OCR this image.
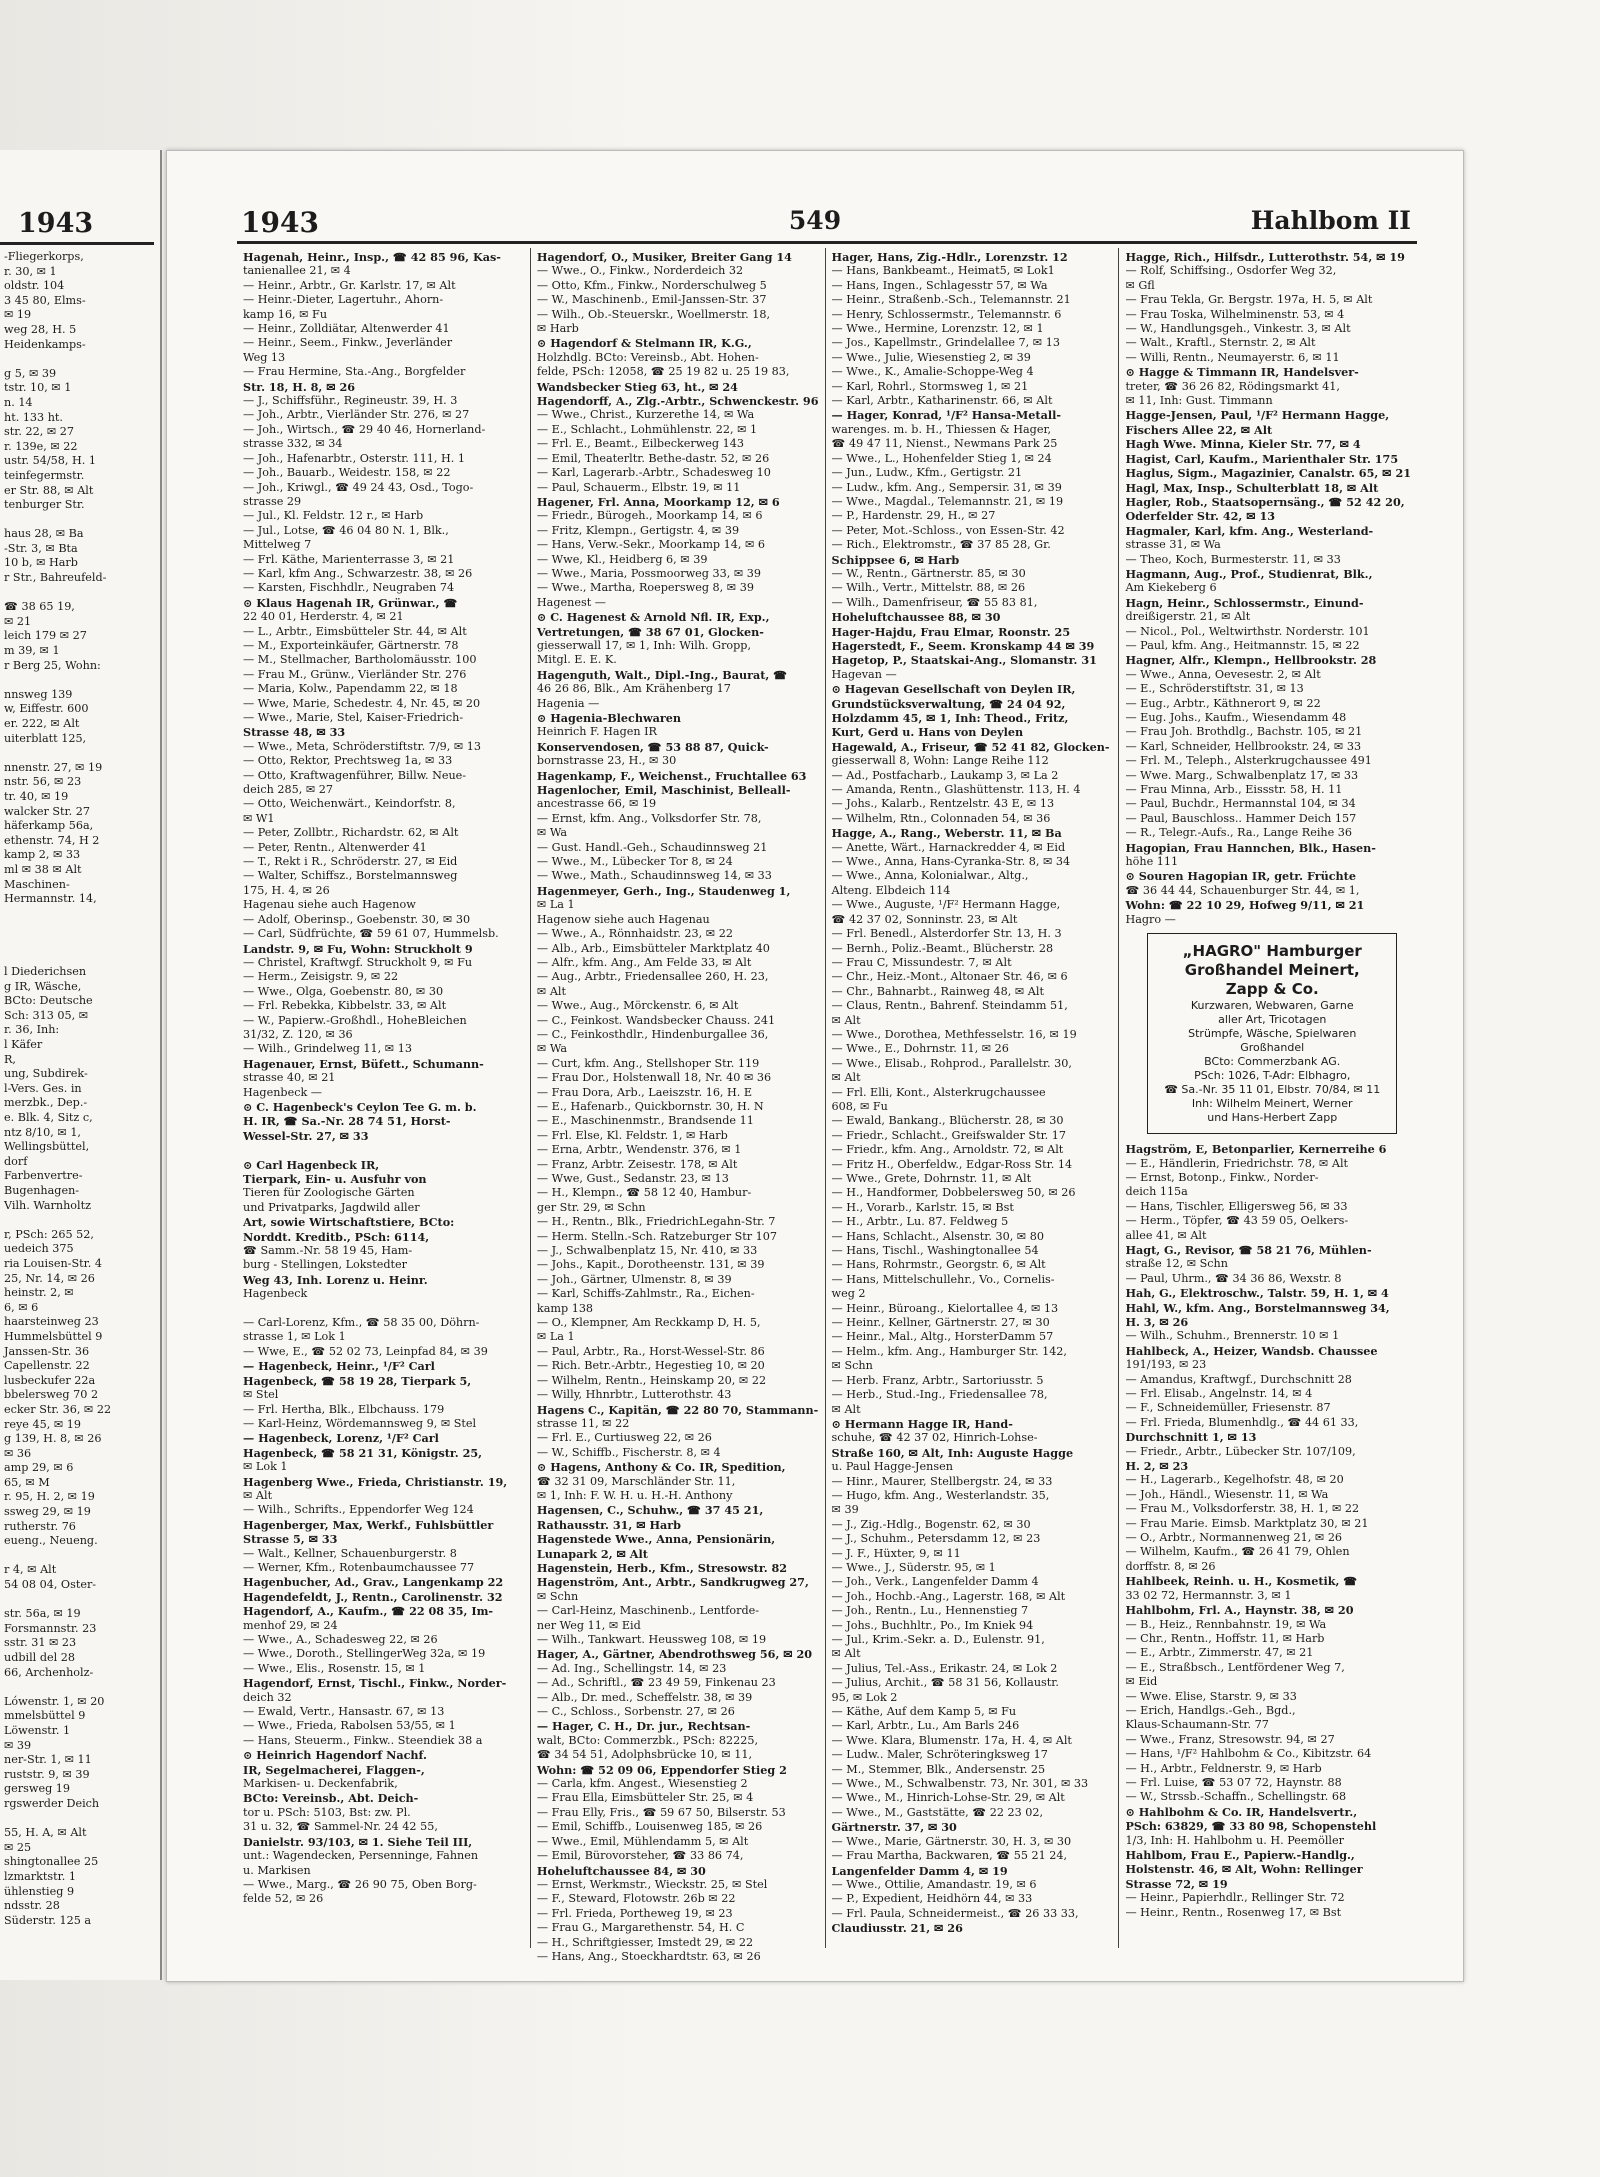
1943
-Fliegerkorps,
r. 30, ✉ 1
oldstr. 104
3 45 80, Elms-
✉ 19
weg 28, H. 5
Heidenkamps-

g 5, ✉ 39
tstr. 10, ✉ 1
n. 14
ht. 133 ht.
str. 22, ✉ 27
r. 139e, ✉ 22
ustr. 54/58, H. 1
teinfegermstr.
er Str. 88, ✉ Alt
tenburger Str.

haus 28, ✉ Ba
-Str. 3, ✉ Bta
10 b, ✉ Harb
r Str., Bahreufeld-

☎ 38 65 19,
✉ 21
leich 179 ✉ 27
m 39, ✉ 1
r Berg 25, Wohn:

nnsweg 139
w, Eiffestr. 600
er. 222, ✉ Alt
uiterblatt 125,

nnenstr. 27, ✉ 19
nstr. 56, ✉ 23
tr. 40, ✉ 19
walcker Str. 27
häferkamp 56a,
ethenstr. 74, H 2
kamp 2, ✉ 33
ml ✉ 38 ✉ Alt
Maschinen-
Hermannstr. 14,

l Diederichsen
g IR, Wäsche,
BCto: Deutsche
Sch: 313 05, ✉
r. 36, Inh:
l Käfer
R,
ung, Subdirek-
l-Vers. Ges. in
merzbk., Dep.-
e. Blk. 4, Sitz c,
ntz 8/10, ✉ 1,
Wellingsbüttel,
dorf
Farbenvertre-
Bugenhagen-
Vilh. Warnholtz

r, PSch: 265 52,
uedeich 375
ria Louisen-Str. 4
25, Nr. 14, ✉ 26
heinstr. 2, ✉
6, ✉ 6
haarsteinweg 23
Hummelsbüttel 9
Janssen-Str. 36
Capellenstr. 22
lusbeckufer 22a
bbelersweg 70 2
ecker Str. 36, ✉ 22
reye 45, ✉ 19
g 139, H. 8, ✉ 26
✉ 36
amp 29, ✉ 6
65, ✉ M
r. 95, H. 2, ✉ 19
ssweg 29, ✉ 19
rutherstr. 76
eueng., Neueng.

r 4, ✉ Alt
54 08 04, Oster-

str. 56a, ✉ 19
Forsmannstr. 23
sstr. 31 ✉ 23
udbill del 28
66, Archenholz-

Lówenstr. 1, ✉ 20
mmelsbüttel 9
Löwenstr. 1
✉ 39
ner-Str. 1, ✉ 11
ruststr. 9, ✉ 39
gersweg 19
rgswerder Deich

55, H. A, ✉ Alt
✉ 25
shingtonallee 25
lzmarktstr. 1
ühlenstieg 9
ndsstr. 28
Süderstr. 125 a
1943	549	Hahlbom II
Hagenah, Heinr., Insp., ☎ 42 85 96, Kas-
tanienallee 21, ✉ 4
— Heinr., Arbtr., Gr. Karlstr. 17, ✉ Alt
— Heinr.-Dieter, Lagertuhr., Ahorn-
kamp 16, ✉ Fu
— Heinr., Zolldiätar, Altenwerder 41
— Heinr., Seem., Finkw., Jeverländer
Weg 13
— Frau Hermine, Sta.-Ang., Borgfelder
Str. 18, H. 8, ✉ 26
— J., Schiffsführ., Regineustr. 39, H. 3
— Joh., Arbtr., Vierländer Str. 276, ✉ 27
— Joh., Wirtsch., ☎ 29 40 46, Hornerland-
strasse 332, ✉ 34
— Joh., Hafenarbtr., Osterstr. 111, H. 1
— Joh., Bauarb., Weidestr. 158, ✉ 22
— Joh., Kriwgl., ☎ 49 24 43, Osd., Togo-
strasse 29
— Jul., Kl. Feldstr. 12 r., ✉ Harb
— Jul., Lotse, ☎ 46 04 80 N. 1, Blk.,
Mittelweg 7
— Frl. Käthe, Marienterrasse 3, ✉ 21
— Karl, kfm Ang., Schwarzestr. 38, ✉ 26
— Karsten, Fischhdlr., Neugraben 74
⊙ Klaus Hagenah IR, Grünwar., ☎
22 40 01, Herderstr. 4, ✉ 21
— L., Arbtr., Eimsbütteler Str. 44, ✉ Alt
— M., Exporteinkäufer, Gärtnerstr. 78
— M., Stellmacher, Bartholomäusstr. 100
— Frau M., Grünw., Vierländer Str. 276
— Maria, Kolw., Papendamm 22, ✉ 18
— Wwe, Marie, Schedestr. 4, Nr. 45, ✉ 20
— Wwe., Marie, Stel, Kaiser-Friedrich-
Strasse 48, ✉ 33
— Wwe., Meta, Schröderstiftstr. 7/9, ✉ 13
— Otto, Rektor, Prechtsweg 1a, ✉ 33
— Otto, Kraftwagenführer, Billw. Neue-
deich 285, ✉ 27
— Otto, Weichenwärt., Keindorfstr. 8,
✉ W1
— Peter, Zollbtr., Richardstr. 62, ✉ Alt
— Peter, Rentn., Altenwerder 41
— T., Rekt i R., Schröderstr. 27, ✉ Eid
— Walter, Schiffsz., Borstelmannsweg
175, H. 4, ✉ 26
Hagenau siehe auch Hagenow
— Adolf, Oberinsp., Goebenstr. 30, ✉ 30
— Carl, Südfrüchte, ☎ 59 61 07, Hummelsb.
Landstr. 9, ✉ Fu, Wohn: Struckholt 9
— Christel, Kraftwgf. Struckholt 9, ✉ Fu
— Herm., Zeisigstr. 9, ✉ 22
— Wwe., Olga, Goebenstr. 80, ✉ 30
— Frl. Rebekka, Kibbelstr. 33, ✉ Alt
— W., Papierw.-Großhdl., HoheBleichen
31/32, Z. 120, ✉ 36
— Wilh., Grindelweg 11, ✉ 13
Hagenauer, Ernst, Büfett., Schumann-
strasse 40, ✉ 21
Hagenbeck —
⊙ C. Hagenbeck's Ceylon Tee G. m. b.
H. IR, ☎ Sa.-Nr. 28 74 51, Horst-
Wessel-Str. 27, ✉ 33

⊙ Carl Hagenbeck IR,
Tierpark, Ein- u. Ausfuhr von
Tieren für Zoologische Gärten
und Privatparks, Jagdwild aller
Art, sowie Wirtschaftstiere, BCto:
Norddt. Kreditb., PSch: 6114,
☎ Samm.-Nr. 58 19 45, Ham-
burg - Stellingen, Lokstedter
Weg 43, Inh. Lorenz u. Heinr.
Hagenbeck

— Carl-Lorenz, Kfm., ☎ 58 35 00, Döhrn-
strasse 1, ✉ Lok 1
— Wwe, E., ☎ 52 02 73, Leinpfad 84, ✉ 39
— Hagenbeck, Heinr., ¹/F² Carl
Hagenbeck, ☎ 58 19 28, Tierpark 5,
✉ Stel
— Frl. Hertha, Blk., Elbchauss. 179
— Karl-Heinz, Wördemannsweg 9, ✉ Stel
— Hagenbeck, Lorenz, ¹/F² Carl
Hagenbeck, ☎ 58 21 31, Königstr. 25,
✉ Lok 1
Hagenberg Wwe., Frieda, Christianstr. 19,
✉ Alt
— Wilh., Schrifts., Eppendorfer Weg 124
Hagenberger, Max, Werkf., Fuhlsbüttler
Strasse 5, ✉ 33
— Walt., Kellner, Schauenburgerstr. 8
— Werner, Kfm., Rotenbaumchaussee 77
Hagenbucher, Ad., Grav., Langenkamp 22
Hagendefeldt, J., Rentn., Carolinenstr. 32
Hagendorf, A., Kaufm., ☎ 22 08 35, Im-
menhof 29, ✉ 24
— Wwe., A., Schadesweg 22, ✉ 26
— Wwe., Doroth., StellingerWeg 32a, ✉ 19
— Wwe., Elis., Rosenstr. 15, ✉ 1
Hagendorf, Ernst, Tischl., Finkw., Norder-
deich 32
— Ewald, Vertr., Hansastr. 67, ✉ 13
— Wwe., Frieda, Rabolsen 53/55, ✉ 1
— Hans, Steuerm., Finkw.. Steendiek 38 a
⊙ Heinrich Hagendorf Nachf.
IR, Segelmacherei, Flaggen-,
Markisen- u. Deckenfabrik,
BCto: Vereinsb., Abt. Deich-
tor u. PSch: 5103, Bst: zw. Pl.
31 u. 32, ☎ Sammel-Nr. 24 42 55,
Danielstr. 93/103, ✉ 1. Siehe Teil III,
unt.: Wagendecken, Persenninge, Fahnen
u. Markisen
— Wwe., Marg., ☎ 26 90 75, Oben Borg-
felde 52, ✉ 26
Hagendorf, O., Musiker, Breiter Gang 14
— Wwe., O., Finkw., Norderdeich 32
— Otto, Kfm., Finkw., Norderschulweg 5
— W., Maschinenb., Emil-Janssen-Str. 37
— Wilh., Ob.-Steuerskr., Woellmerstr. 18,
✉ Harb
⊙ Hagendorf & Stelmann IR, K.G.,
Holzhdlg. BCto: Vereinsb., Abt. Hohen-
felde, PSch: 12058, ☎ 25 19 82 u. 25 19 83,
Wandsbecker Stieg 63, ht., ✉ 24
Hagendorff, A., Zlg.-Arbtr., Schwenckestr. 96
— Wwe., Christ., Kurzerethe 14, ✉ Wa
— E., Schlacht., Lohmühlenstr. 22, ✉ 1
— Frl. E., Beamt., Eilbeckerweg 143
— Emil, Theaterltr. Bethe-dastr. 52, ✉ 26
— Karl, Lagerarb.-Arbtr., Schadesweg 10
— Paul, Schauerm., Elbstr. 19, ✉ 11
Hagener, Frl. Anna, Moorkamp 12, ✉ 6
— Friedr., Bürogeh., Moorkamp 14, ✉ 6
— Fritz, Klempn., Gertigstr. 4, ✉ 39
— Hans, Verw.-Sekr., Moorkamp 14, ✉ 6
— Wwe, Kl., Heidberg 6, ✉ 39
— Wwe., Maria, Possmoorweg 33, ✉ 39
— Wwe., Martha, Roepersweg 8, ✉ 39
Hagenest —
⊙ C. Hagenest & Arnold Nfl. IR, Exp.,
Vertretungen, ☎ 38 67 01, Glocken-
giesserwall 17, ✉ 1, Inh: Wilh. Gropp,
Mitgl. E. E. K.
Hagenguth, Walt., Dipl.-Ing., Baurat, ☎
46 26 86, Blk., Am Krähenberg 17
Hagenia —
⊙ Hagenia-Blechwaren
Heinrich F. Hagen IR
Konservendosen, ☎ 53 88 87, Quick-
bornstrasse 23, H., ✉ 30
Hagenkamp, F., Weichenst., Fruchtallee 63
Hagenlocher, Emil, Maschinist, Belleall-
ancestrasse 66, ✉ 19
— Ernst, kfm. Ang., Volksdorfer Str. 78,
✉ Wa
— Gust. Handl.-Geh., Schaudinnsweg 21
— Wwe., M., Lübecker Tor 8, ✉ 24
— Wwe., Math., Schaudinnsweg 14, ✉ 33
Hagenmeyer, Gerh., Ing., Staudenweg 1,
✉ La 1
Hagenow siehe auch Hagenau
— Wwe., A., Rönnhaidstr. 23, ✉ 22
— Alb., Arb., Eimsbütteler Marktplatz 40
— Alfr., kfm. Ang., Am Felde 33, ✉ Alt
— Aug., Arbtr., Friedensallee 260, H. 23,
✉ Alt
— Wwe., Aug., Mörckenstr. 6, ✉ Alt
— C., Feinkost. Wandsbecker Chauss. 241
— C., Feinkosthdlr., Hindenburgallee 36,
✉ Wa
— Curt, kfm. Ang., Stellshoper Str. 119
— Frau Dor., Holstenwall 18, Nr. 40 ✉ 36
— Frau Dora, Arb., Laeiszstr. 16, H. E
— E., Hafenarb., Quickbornstr. 30, H. N
— E., Maschinenmstr., Brandsende 11
— Frl. Else, Kl. Feldstr. 1, ✉ Harb
— Erna, Arbtr., Wendenstr. 376, ✉ 1
— Franz, Arbtr. Zeisestr. 178, ✉ Alt
— Wwe, Gust., Sedanstr. 23, ✉ 13
— H., Klempn., ☎ 58 12 40, Hambur-
ger Str. 29, ✉ Schn
— H., Rentn., Blk., FriedrichLegahn-Str. 7
— Herm. Stelln.-Sch. Ratzeburger Str 107
— J., Schwalbenplatz 15, Nr. 410, ✉ 33
— Johs., Kapit., Dorotheenstr. 131, ✉ 39
— Joh., Gärtner, Ulmenstr. 8, ✉ 39
— Karl, Schiffs-Zahlmstr., Ra., Eichen-
kamp 138
— O., Klempner, Am Reckkamp D, H. 5,
✉ La 1
— Paul, Arbtr., Ra., Horst-Wessel-Str. 86
— Rich. Betr.-Arbtr., Hegestieg 10, ✉ 20
— Wilhelm, Rentn., Heinskamp 20, ✉ 22
— Willy, Hhnrbtr., Lutterothstr. 43
Hagens C., Kapitän, ☎ 22 80 70, Stammann-
strasse 11, ✉ 22
— Frl. E., Curtiusweg 22, ✉ 26
— W., Schiffb., Fischerstr. 8, ✉ 4
⊙ Hagens, Anthony & Co. IR, Spedition,
☎ 32 31 09, Marschländer Str. 11,
✉ 1, Inh: F. W. H. u. H.-H. Anthony
Hagensen, C., Schuhw., ☎ 37 45 21,
Rathausstr. 31, ✉ Harb
Hagenstede Wwe., Anna, Pensionärin,
Lunapark 2, ✉ Alt
Hagenstein, Herb., Kfm., Stresowstr. 82
Hagenström, Ant., Arbtr., Sandkrugweg 27,
✉ Schn
— Carl-Heinz, Maschinenb., Lentforde-
ner Weg 11, ✉ Eid
— Wilh., Tankwart. Heussweg 108, ✉ 19
Hager, A., Gärtner, Abendrothsweg 56, ✉ 20
— Ad. Ing., Schellingstr. 14, ✉ 23
— Ad., Schriftl., ☎ 23 49 59, Finkenau 23
— Alb., Dr. med., Scheffelstr. 38, ✉ 39
— C., Schloss., Sorbenstr. 27, ✉ 26
— Hager, C. H., Dr. jur., Rechtsan-
walt, BCto: Commerzbk., PSch: 82225,
☎ 34 54 51, Adolphsbrücke 10, ✉ 11,
Wohn: ☎ 52 09 06, Eppendorfer Stieg 2
— Carla, kfm. Angest., Wiesenstieg 2
— Frau Ella, Eimsbütteler Str. 25, ✉ 4
— Frau Elly, Fris., ☎ 59 67 50, Bilserstr. 53
— Emil, Schiffb., Louisenweg 185, ✉ 26
— Wwe., Emil, Mühlendamm 5, ✉ Alt
— Emil, Bürovorsteher, ☎ 33 86 74,
Hoheluftchaussee 84, ✉ 30
— Ernst, Werkmstr., Wieckstr. 25, ✉ Stel
— F., Steward, Flotowstr. 26b ✉ 22
— Frl. Frieda, Portheweg 19, ✉ 23
— Frau G., Margarethenstr. 54, H. C
— H., Schriftgiesser, Imstedt 29, ✉ 22
— Hans, Ang., Stoeckhardtstr. 63, ✉ 26
Hager, Hans, Zig.-Hdlr., Lorenzstr. 12
— Hans, Bankbeamt., Heimat5, ✉ Lok1
— Hans, Ingen., Schlagesstr 57, ✉ Wa
— Heinr., Straßenb.-Sch., Telemannstr. 21
— Henry, Schlossermstr., Telemannstr. 6
— Wwe., Hermine, Lorenzstr. 12, ✉ 1
— Jos., Kapellmstr., Grindelallee 7, ✉ 13
— Wwe., Julie, Wiesenstieg 2, ✉ 39
— Wwe., K., Amalie-Schoppe-Weg 4
— Karl, Rohrl., Stormsweg 1, ✉ 21
— Karl, Arbtr., Katharinenstr. 66, ✉ Alt
— Hager, Konrad, ¹/F² Hansa-Metall-
warenges. m. b. H., Thiessen & Hager,
☎ 49 47 11, Nienst., Newmans Park 25
— Wwe., L., Hohenfelder Stieg 1, ✉ 24
— Jun., Ludw., Kfm., Gertigstr. 21
— Ludw., kfm. Ang., Sempersir. 31, ✉ 39
— Wwe., Magdal., Telemannstr. 21, ✉ 19
— P., Hardenstr. 29, H., ✉ 27
— Peter, Mot.-Schloss., von Essen-Str. 42
— Rich., Elektromstr., ☎ 37 85 28, Gr.
Schippsee 6, ✉ Harb
— W., Rentn., Gärtnerstr. 85, ✉ 30
— Wilh., Vertr., Mittelstr. 88, ✉ 26
— Wilh., Damenfriseur, ☎ 55 83 81,
Hoheluftchaussee 88, ✉ 30
Hager-Hajdu, Frau Elmar, Roonstr. 25
Hagerstedt, F., Seem. Kronskamp 44 ✉ 39
Hagetop, P., Staatskai-Ang., Slomanstr. 31
Hagevan —
⊙ Hagevan Gesellschaft von Deylen IR,
Grundstücksverwaltung, ☎ 24 04 92,
Holzdamm 45, ✉ 1, Inh: Theod., Fritz,
Kurt, Gerd u. Hans von Deylen
Hagewald, A., Friseur, ☎ 52 41 82, Glocken-
giesserwall 8, Wohn: Lange Reihe 112
— Ad., Postfacharb., Laukamp 3, ✉ La 2
— Amanda, Rentn., Glashüttenstr. 113, H. 4
— Johs., Kalarb., Rentzelstr. 43 E, ✉ 13
— Wilhelm, Rtn., Colonnaden 54, ✉ 36
Hagge, A., Rang., Weberstr. 11, ✉ Ba
— Anette, Wärt., Harnackredder 4, ✉ Eid
— Wwe., Anna, Hans-Cyranka-Str. 8, ✉ 34
— Wwe., Anna, Kolonialwar., Altg.,
Alteng. Elbdeich 114
— Wwe., Auguste, ¹/F² Hermann Hagge,
☎ 42 37 02, Sonninstr. 23, ✉ Alt
— Frl. Benedl., Alsterdorfer Str. 13, H. 3
— Bernh., Poliz.-Beamt., Blücherstr. 28
— Frau C, Missundestr. 7, ✉ Alt
— Chr., Heiz.-Mont., Altonaer Str. 46, ✉ 6
— Chr., Bahnarbt., Rainweg 48, ✉ Alt
— Claus, Rentn., Bahrenf. Steindamm 51,
✉ Alt
— Wwe., Dorothea, Methfesselstr. 16, ✉ 19
— Wwe., E., Dohrnstr. 11, ✉ 26
— Wwe., Elisab., Rohprod., Parallelstr. 30,
✉ Alt
— Frl. Elli, Kont., Alsterkrugchaussee
608, ✉ Fu
— Ewald, Bankang., Blücherstr. 28, ✉ 30
— Friedr., Schlacht., Greifswalder Str. 17
— Friedr., kfm. Ang., Arnoldstr. 72, ✉ Alt
— Fritz H., Oberfeldw., Edgar-Ross Str. 14
— Wwe., Grete, Dohrnstr. 11, ✉ Alt
— H., Handformer, Dobbelersweg 50, ✉ 26
— H., Vorarb., Karlstr. 15, ✉ Bst
— H., Arbtr., Lu. 87. Feldweg 5
— Hans, Schlacht., Alsenstr. 30, ✉ 80
— Hans, Tischl., Washingtonallee 54
— Hans, Rohrmstr., Georgstr. 6, ✉ Alt
— Hans, Mittelschullehr., Vo., Cornelis-
weg 2
— Heinr., Büroang., Kielortallee 4, ✉ 13
— Heinr., Kellner, Gärtnerstr. 27, ✉ 30
— Heinr., Mal., Altg., HorsterDamm 57
— Helm., kfm. Ang., Hamburger Str. 142,
✉ Schn
— Herb. Franz, Arbtr., Sartoriusstr. 5
— Herb., Stud.-Ing., Friedensallee 78,
✉ Alt
⊙ Hermann Hagge IR, Hand-
schuhe, ☎ 42 37 02, Hinrich-Lohse-
Straße 160, ✉ Alt, Inh: Auguste Hagge
u. Paul Hagge-Jensen
— Hinr., Maurer, Stellbergstr. 24, ✉ 33
— Hugo, kfm. Ang., Westerlandstr. 35,
✉ 39
— J., Zig.-Hdlg., Bogenstr. 62, ✉ 30
— J., Schuhm., Petersdamm 12, ✉ 23
— J. F., Hüxter, 9, ✉ 11
— Wwe., J., Süderstr. 95, ✉ 1
— Joh., Verk., Langenfelder Damm 4
— Joh., Hochb.-Ang., Lagerstr. 168, ✉ Alt
— Joh., Rentn., Lu., Hennenstieg 7
— Johs., Buchhltr., Po., Im Kniek 94
— Jul., Krim.-Sekr. a. D., Eulenstr. 91,
✉ Alt
— Julius, Tel.-Ass., Erikastr. 24, ✉ Lok 2
— Julius, Archit., ☎ 58 31 56, Kollaustr.
95, ✉ Lok 2
— Käthe, Auf dem Kamp 5, ✉ Fu
— Karl, Arbtr., Lu., Am Barls 246
— Wwe. Klara, Blumenstr. 17a, H. 4, ✉ Alt
— Ludw.. Maler, Schröteringksweg 17
— M., Stemmer, Blk., Andersenstr. 25
— Wwe., M., Schwalbenstr. 73, Nr. 301, ✉ 33
— Wwe., M., Hinrich-Lohse-Str. 29, ✉ Alt
— Wwe., M., Gaststätte, ☎ 22 23 02,
Gärtnerstr. 37, ✉ 30
— Wwe., Marie, Gärtnerstr. 30, H. 3, ✉ 30
— Frau Martha, Backwaren, ☎ 55 21 24,
Langenfelder Damm 4, ✉ 19
— Wwe., Ottilie, Amandastr. 19, ✉ 6
— P., Expedient, Heidhörn 44, ✉ 33
— Frl. Paula, Schneidermeist., ☎ 26 33 33,
Claudiusstr. 21, ✉ 26
Hagge, Rich., Hilfsdr., Lutterothstr. 54, ✉ 19
— Rolf, Schiffsing., Osdorfer Weg 32,
✉ Gfl
— Frau Tekla, Gr. Bergstr. 197a, H. 5, ✉ Alt
— Frau Toska, Wilhelminenstr. 53, ✉ 4
— W., Handlungsgeh., Vinkestr. 3, ✉ Alt
— Walt., Kraftl., Sternstr. 2, ✉ Alt
— Willi, Rentn., Neumayerstr. 6, ✉ 11
⊙ Hagge & Timmann IR, Handelsver-
treter, ☎ 36 26 82, Rödingsmarkt 41,
✉ 11, Inh: Gust. Timmann
Hagge-Jensen, Paul, ¹/F² Hermann Hagge,
Fischers Allee 22, ✉ Alt
Hagh Wwe. Minna, Kieler Str. 77, ✉ 4
Hagist, Carl, Kaufm., Marienthaler Str. 175
Haglus, Sigm., Magazinier, Canalstr. 65, ✉ 21
Hagl, Max, Insp., Schulterblatt 18, ✉ Alt
Hagler, Rob., Staatsopernsäng., ☎ 52 42 20,
Oderfelder Str. 42, ✉ 13
Hagmaler, Karl, kfm. Ang., Westerland-
strasse 31, ✉ Wa
— Theo, Koch, Burmesterstr. 11, ✉ 33
Hagmann, Aug., Prof., Studienrat, Blk.,
Am Kiekeberg 6
Hagn, Heinr., Schlossermstr., Einund-
dreißigerstr. 21, ✉ Alt
— Nicol., Pol., Weltwirthstr. Norderstr. 101
— Paul, kfm. Ang., Heitmannstr. 15, ✉ 22
Hagner, Alfr., Klempn., Hellbrookstr. 28
— Wwe., Anna, Oevesestr. 2, ✉ Alt
— E., Schröderstiftstr. 31, ✉ 13
— Eug., Arbtr., Käthnerort 9, ✉ 22
— Eug. Johs., Kaufm., Wiesendamm 48
— Frau Joh. Brothdlg., Bachstr. 105, ✉ 21
— Karl, Schneider, Hellbrookstr. 24, ✉ 33
— Frl. M., Teleph., Alsterkrugchaussee 491
— Wwe. Marg., Schwalbenplatz 17, ✉ 33
— Frau Minna, Arb., Eissstr. 58, H. 11
— Paul, Buchdr., Hermannstal 104, ✉ 34
— Paul, Bauschloss.. Hammer Deich 157
— R., Telegr.-Aufs., Ra., Lange Reihe 36
Hagopian, Frau Hannchen, Blk., Hasen-
höhe 111
⊙ Souren Hagopian IR, getr. Früchte
☎ 36 44 44, Schauenburger Str. 44, ✉ 1,
Wohn: ☎ 22 10 29, Hofweg 9/11, ✉ 21
Hagro —
„HAGRO" Hamburger
Großhandel Meinert,
Zapp & Co.
Kurzwaren, Webwaren, Garne
aller Art, Tricotagen
Strümpfe, Wäsche, Spielwaren
Großhandel
BCto: Commerzbank AG.
PSch: 1026, T-Adr: Elbhagro,
☎ Sa.-Nr. 35 11 01, Elbstr. 70/84, ✉ 11
Inh: Wilhelm Meinert, Werner
und Hans-Herbert Zapp
Hagström, E, Betonparlier, Kernerreihe 6
— E., Händlerin, Friedrichstr. 78, ✉ Alt
— Ernst, Botonp., Finkw., Norder-
deich 115a
— Hans, Tischler, Elligersweg 56, ✉ 33
— Herm., Töpfer, ☎ 43 59 05, Oelkers-
allee 41, ✉ Alt
Hagt, G., Revisor, ☎ 58 21 76, Mühlen-
straße 12, ✉ Schn
— Paul, Uhrm., ☎ 34 36 86, Wexstr. 8
Hah, G., Elektroschw., Talstr. 59, H. 1, ✉ 4
Hahl, W., kfm. Ang., Borstelmannsweg 34,
H. 3, ✉ 26
— Wilh., Schuhm., Brennerstr. 10 ✉ 1
Hahlbeck, A., Heizer, Wandsb. Chaussee
191/193, ✉ 23
— Amandus, Kraftwgf., Durchschnitt 28
— Frl. Elisab., Angelnstr. 14, ✉ 4
— F., Schneidemüller, Friesenstr. 87
— Frl. Frieda, Blumenhdlg., ☎ 44 61 33,
Durchschnitt 1, ✉ 13
— Friedr., Arbtr., Lübecker Str. 107/109,
H. 2, ✉ 23
— H., Lagerarb., Kegelhofstr. 48, ✉ 20
— Joh., Händl., Wiesenstr. 11, ✉ Wa
— Frau M., Volksdorferstr. 38, H. 1, ✉ 22
— Frau Marie. Eimsb. Marktplatz 30, ✉ 21
— O., Arbtr., Normannenweg 21, ✉ 26
— Wilhelm, Kaufm., ☎ 26 41 79, Ohlen
dorffstr. 8, ✉ 26
Hahlbeek, Reinh. u. H., Kosmetik, ☎
33 02 72, Hermannstr. 3, ✉ 1
Hahlbohm, Frl. A., Haynstr. 38, ✉ 20
— B., Heiz., Rennbahnstr. 19, ✉ Wa
— Chr., Rentn., Hoffstr. 11, ✉ Harb
— E., Arbtr., Zimmerstr. 47, ✉ 21
— E., Straßbsch., Lentfördener Weg 7,
✉ Eid
— Wwe. Elise, Starstr. 9, ✉ 33
— Erich, Handlgs.-Geh., Bgd.,
Klaus-Schaumann-Str. 77
— Wwe., Franz, Stresowstr. 94, ✉ 27
— Hans, ¹/F² Hahlbohm & Co., Kibitzstr. 64
— H., Arbtr., Feldnerstr. 9, ✉ Harb
— Frl. Luise, ☎ 53 07 72, Haynstr. 88
— W., Strssb.-Schaffn., Schellingstr. 68
⊙ Hahlbohm & Co. IR, Handelsvertr.,
PSch: 63829, ☎ 33 80 98, Schopenstehl
1/3, Inh: H. Hahlbohm u. H. Peemöller
Hahlbom, Frau E., Papierw.-Handlg.,
Holstenstr. 46, ✉ Alt, Wohn: Rellinger
Strasse 72, ✉ 19
— Heinr., Papierhdlr., Rellinger Str. 72
— Heinr., Rentn., Rosenweg 17, ✉ Bst
